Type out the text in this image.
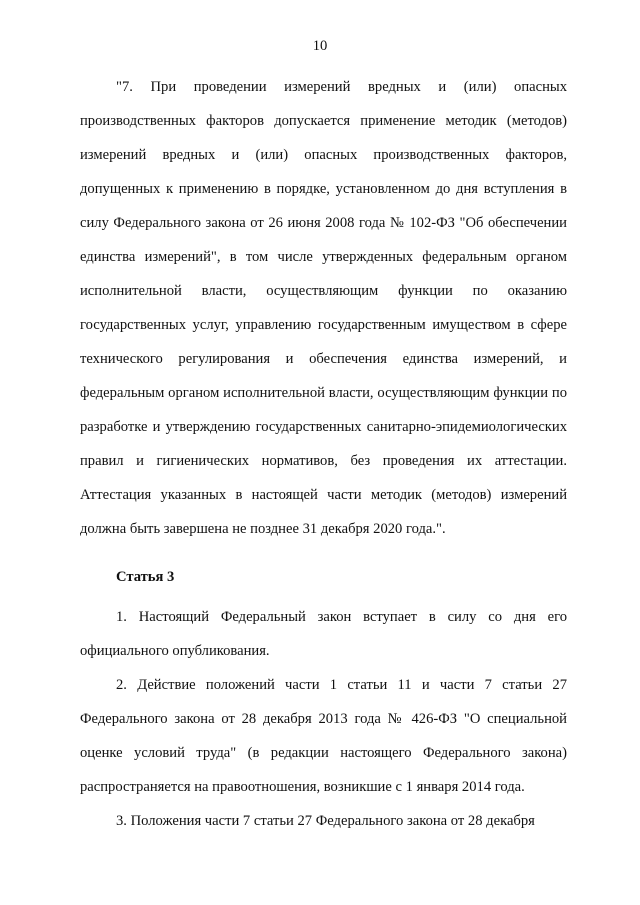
10

"7. При проведении измерений вредных и (или) опасных производственных факторов допускается применение методик (методов) измерений вредных и (или) опасных производственных факторов, допущенных к применению в порядке, установленном до дня вступления в силу Федерального закона от 26 июня 2008 года № 102-ФЗ "Об обеспечении единства измерений", в том числе утвержденных федеральным органом исполнительной власти, осуществляющим функции по оказанию государственных услуг, управлению государственным имуществом в сфере технического регулирования и обеспечения единства измерений, и федеральным органом исполнительной власти, осуществляющим функции по разработке и утверждению государственных санитарно-эпидемиологических правил и гигиенических нормативов, без проведения их аттестации. Аттестация указанных в настоящей части методик (методов) измерений должна быть завершена не позднее 31 декабря 2020 года.".

Статья 3

1. Настоящий Федеральный закон вступает в силу со дня его официального опубликования.

2. Действие положений части 1 статьи 11 и части 7 статьи 27 Федерального закона от 28 декабря 2013 года № 426-ФЗ "О специальной оценке условий труда" (в редакции настоящего Федерального закона) распространяется на правоотношения, возникшие с 1 января 2014 года.

3. Положения части 7 статьи 27 Федерального закона от 28 декабря
